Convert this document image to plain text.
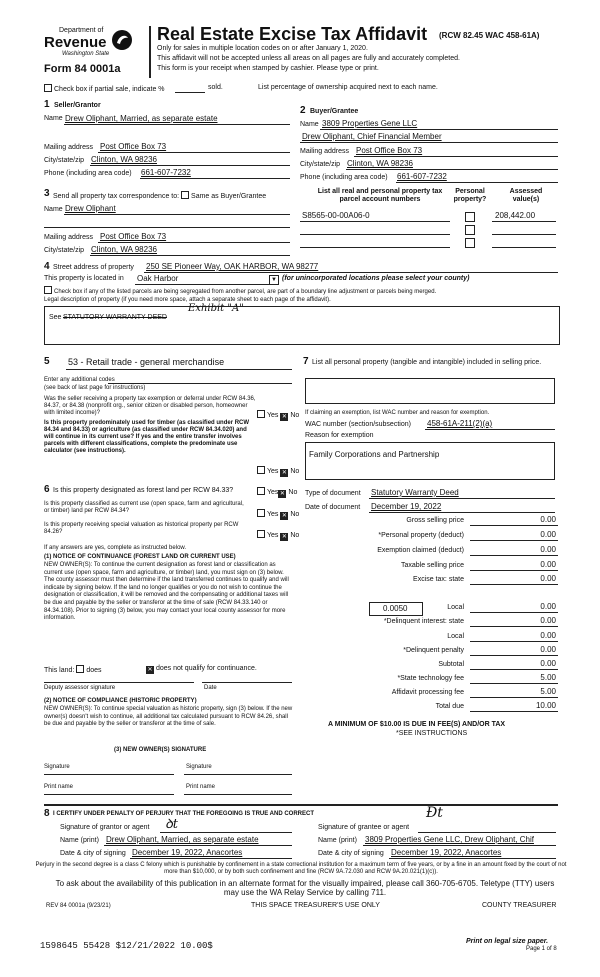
Department of
Revenue
Washington State
Form 84 0001a
Real Estate Excise Tax Affidavit (RCW 82.45 WAC 458-61A)
Only for sales in multiple location codes on or after January 1, 2020.
This affidavit will not be accepted unless all areas on all pages are fully and accurately completed.
This form is your receipt when stamped by cashier. Please type or print.
Check box if partial sale, indicate %	sold.	List percentage of ownership acquired next to each name.
1 Seller/Grantor
Name Drew Oliphant, Married, as separate estate
Mailing address Post Office Box 73
City/state/zip Clinton, WA 98236
Phone (including area code) 661-607-7232
2 Buyer/Grantee
Name 3809 Properties Gene LLC
Drew Oliphant, Chief Financial Member
Mailing address Post Office Box 73
City/state/zip Clinton, WA 98236
Phone (including area code) 661-607-7232
3 Send all property tax correspondence to: Same as Buyer/Grantee
Name Drew Oliphant
Mailing address Post Office Box 73
City/state/zip Clinton, WA 98236
List all real and personal property tax parcel account numbers
Personal property?
Assessed value(s)
S8565-00-00A06-0	208,442.00
4 Street address of property 250 SE Pioneer Way, OAK HARBOR, WA 98277
This property is located in Oak Harbor	▼ (for unincorporated locations please select your county)
Check box if any of the listed parcels are being segregated from another parcel, are part of a boundary line adjustment or parcels being merged.
Legal description of property (if you need more space, attach a separate sheet to each page of the affidavit).
See STATUTORY WARRANTY DEED
Exhibit "A"
5 53 - Retail trade - general merchandise
Enter any additional codes
(see back of last page for instructions)
Was the seller receiving a property tax exemption or deferral under RCW 84.36, 84.37, or 84.38 (nonprofit org., senior citizen or disabled person, homeowner with limited income)?	Yes ✕ No
Is this property predominately used for timber (as classified under RCW 84.34 and 84.33) or agriculture (as classified under RCW 84.34.020) and will continue in its current use? If yes and the entire transfer involves parcels with different classifications, complete the predominate use calculator (see instructions).
Yes ✕ No
6 Is this property designated as forest land per RCW 84.33?	Yes✕ No
Is this property classified as current use (open space, farm and agricultural, or timber) land per RCW 84.34?	Yes ✕ No
Is this property receiving special valuation as historical property per RCW 84.26?	Yes ✕ No
If any answers are yes, complete as instructed below.
(1) NOTICE OF CONTINUANCE (FOREST LAND OR CURRENT USE)
NEW OWNER(S): To continue the current designation as forest land or classification as current use (open space, farm and agriculture, or timber) land, you must sign on (3) below. The county assessor must then determine if the land transferred continues to qualify and will indicate by signing below. If the land no longer qualifies or you do not wish to continue the designation or classification, it will be removed and the compensating or additional taxes will be due and payable by the seller or transferor at the time of sale (RCW 84.33.140 or 84.34.108). Prior to signing (3) below, you may contact your local county assessor for more information.
This land: does	✕ does not qualify for continuance.
Deputy assessor signature	Date
(2) NOTICE OF COMPLIANCE (HISTORIC PROPERTY)
NEW OWNER(S): To continue special valuation as historic property, sign (3) below. If the new owner(s) doesn't wish to continue, all additional tax calculated pursuant to RCW 84.26, shall be due and payable by the seller or transferor at the time of sale.
(3) NEW OWNER(S) SIGNATURE
Signature	Signature
Print name	Print name
7 List all personal property (tangible and intangible) included in selling price.
If claiming an exemption, list WAC number and reason for exemption.
WAC number (section/subsection) 458-61A-211(2)(a)
Reason for exemption
Family Corporations and Partnership
Type of document Statutory Warranty Deed
Date of document December 19, 2022
Gross selling price	0.00
*Personal property (deduct)	0.00
Exemption claimed (deduct)	0.00
Taxable selling price	0.00
Excise tax: state	0.00
0.0050	Local	0.00
*Delinquent interest: state	0.00
Local	0.00
*Delinquent penalty	0.00
Subtotal	0.00
*State technology fee	5.00
Affidavit processing fee	5.00
Total due	10.00
A MINIMUM OF $10.00 IS DUE IN FEE(S) AND/OR TAX
*SEE INSTRUCTIONS
8 I CERTIFY UNDER PENALTY OF PERJURY THAT THE FOREGOING IS TRUE AND CORRECT
Signature of grantor or agent ꝺt	Signature of grantee or agent
Ɖt
Name (print) Drew Oliphant, Married, as separate estate	Name (print) 3809 Properties Gene LLC, Drew Oliphant, Chif
Date & city of signing December 19, 2022, Anacortes	Date & city of signing December 19, 2022, Anacortes
Perjury in the second degree is a class C felony which is punishable by confinement in a state correctional institution for a maximum term of five years, or by a fine in an amount fixed by the court of not more than $10,000, or by both such confinement and fine (RCW 9A.72.030 and RCW 9A.20.021(1)(c)).
To ask about the availability of this publication in an alternate format for the visually impaired, please call 360-705-6705. Teletype (TTY) users may use the WA Relay Service by calling 711.
REV 84 0001a (9/23/21)	THIS SPACE TREASURER'S USE ONLY	COUNTY TREASURER
1598645 55428 $12/21/2022 10.00$	Print on legal size paper.
Page 1 of 8
